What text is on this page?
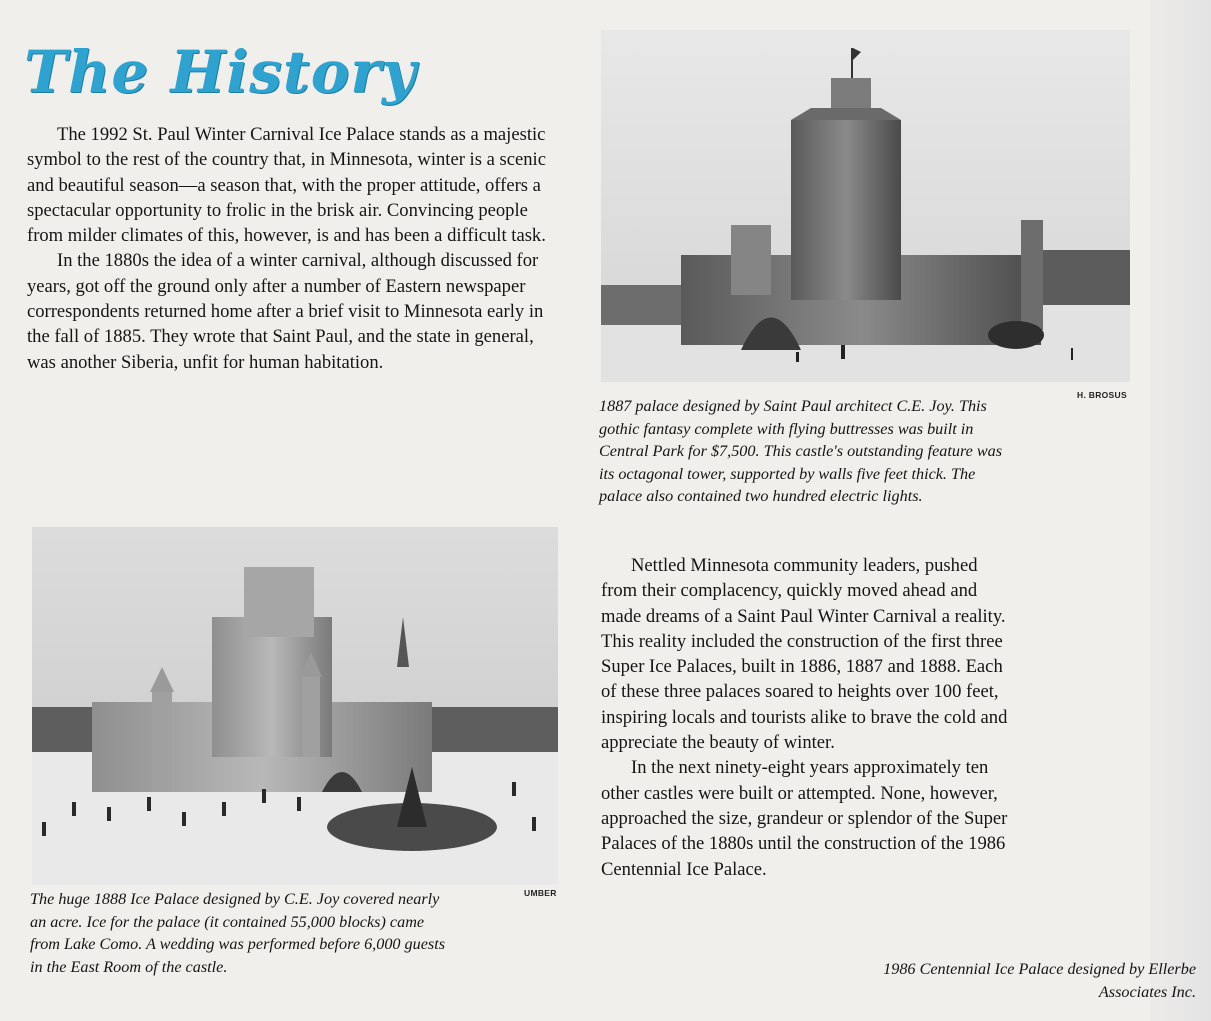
The History

The 1992 St. Paul Winter Carnival Ice Palace stands as a majestic symbol to the rest of the country that, in Minnesota, winter is a scenic and beautiful season—a season that, with the proper attitude, offers a spectacular opportunity to frolic in the brisk air. Convincing people from milder climates of this, however, is and has been a difficult task.

In the 1880s the idea of a winter carnival, although discussed for years, got off the ground only after a number of Eastern newspaper correspondents returned home after a brief visit to Minnesota early in the fall of 1885. They wrote that Saint Paul, and the state in general, was another Siberia, unfit for human habitation.

H. BROSUS
1887 palace designed by Saint Paul architect C.E. Joy. This gothic fantasy complete with flying buttresses was built in Central Park for $7,500. This castle's outstanding feature was its octagonal tower, supported by walls five feet thick. The palace also contained two hundred electric lights.
UMBER
The huge 1888 Ice Palace designed by C.E. Joy covered nearly an acre. Ice for the palace (it contained 55,000 blocks) came from Lake Como. A wedding was performed before 6,000 guests in the East Room of the castle.

Nettled Minnesota community leaders, pushed from their complacency, quickly moved ahead and made dreams of a Saint Paul Winter Carnival a reality. This reality included the construction of the first three Super Ice Palaces, built in 1886, 1887 and 1888. Each of these three palaces soared to heights over 100 feet, inspiring locals and tourists alike to brave the cold and appreciate the beauty of winter.

In the next ninety-eight years approximately ten other castles were built or attempted. None, however, approached the size, grandeur or splendor of the Super Palaces of the 1880s until the construction of the 1986 Centennial Ice Palace.

1986 Centennial Ice Palace designed by Ellerbe Associates Inc.
